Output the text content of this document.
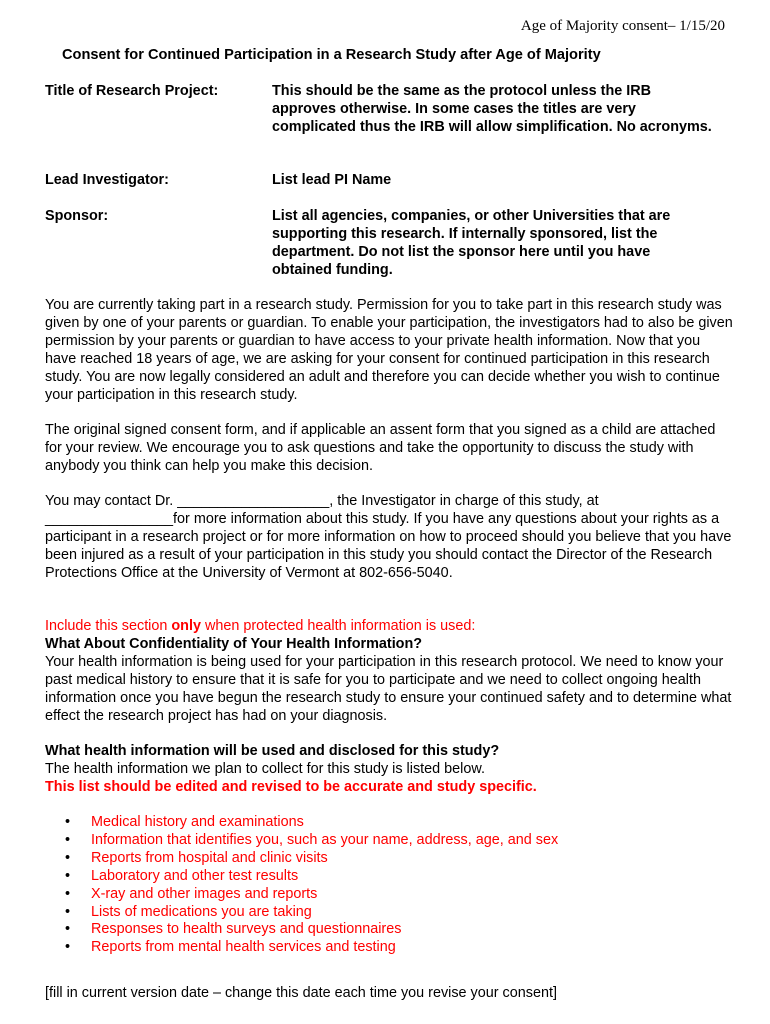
Age of Majority consent– 1/15/20
Consent for Continued Participation in a Research Study after Age of Majority
Title of Research Project:	This should be the same as the protocol unless the IRB approves otherwise. In some cases the titles are very complicated thus the IRB will allow simplification. No acronyms.
Lead Investigator:	List lead PI Name
Sponsor:	List all agencies, companies, or other Universities that are supporting this research. If internally sponsored, list the department. Do not list the sponsor here until you have obtained funding.
You are currently taking part in a research study. Permission for you to take part in this research study was given by one of your parents or guardian. To enable your participation, the investigators had to also be given permission by your parents or guardian to have access to your private health information. Now that you have reached 18 years of age, we are asking for your consent for continued participation in this research study. You are now legally considered an adult and therefore you can decide whether you wish to continue your participation in this research study.
The original signed consent form, and if applicable an assent form that you signed as a child are attached for your review. We encourage you to ask questions and take the opportunity to discuss the study with anybody you think can help you make this decision.
You may contact Dr. ___________________, the Investigator in charge of this study, at ________________for more information about this study. If you have any questions about your rights as a participant in a research project or for more information on how to proceed should you believe that you have been injured as a result of your participation in this study you should contact the Director of the Research Protections Office at the University of Vermont at 802-656-5040.
Include this section only when protected health information is used:
What About Confidentiality of Your Health Information?
Your health information is being used for your participation in this research protocol. We need to know your past medical history to ensure that it is safe for you to participate and we need to collect ongoing health information once you have begun the research study to ensure your continued safety and to determine what effect the research project has had on your diagnosis.
What health information will be used and disclosed for this study?
The health information we plan to collect for this study is listed below.
This list should be edited and revised to be accurate and study specific.
• Medical history and examinations
• Information that identifies you, such as your name, address, age, and sex
• Reports from hospital and clinic visits
• Laboratory and other test results
• X-ray and other images and reports
• Lists of medications you are taking
• Responses to health surveys and questionnaires
• Reports from mental health services and testing
[fill in current version date – change this date each time you revise your consent]
